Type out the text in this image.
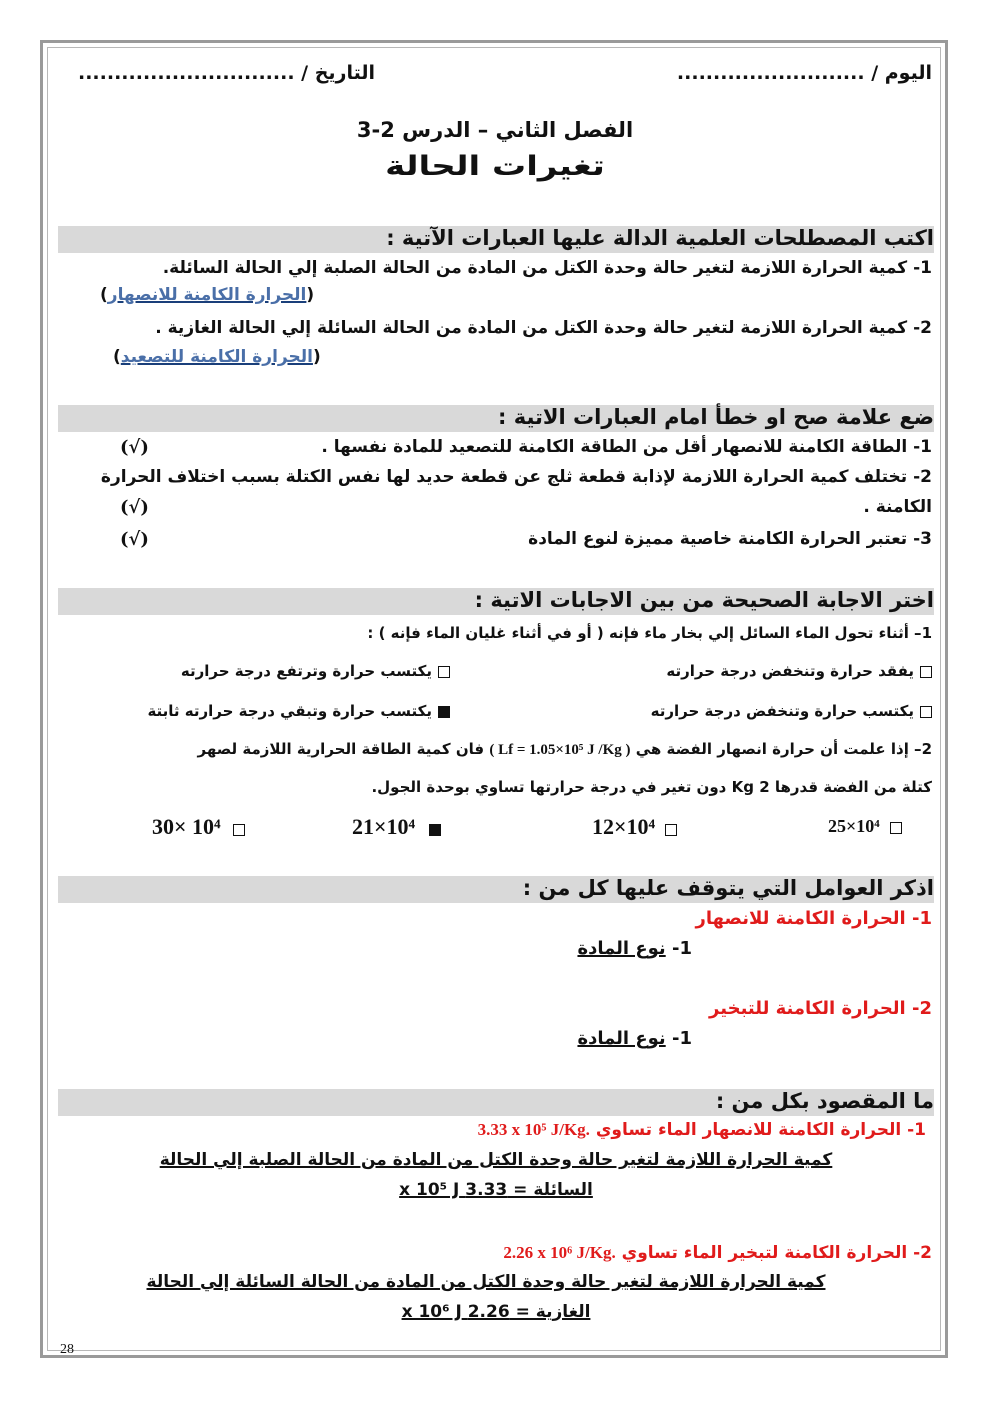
اليوم / ..........................
التاريخ / ..............................
الفصل الثاني – الدرس 2-3
تغيرات الحالة
اكتب المصطلحات العلمية الدالة عليها العبارات الآتية :
1- كمية الحرارة اللازمة لتغير حالة وحدة الكتل من المادة من الحالة الصلبة إلي الحالة السائلة.
(الحرارة الكامنة للانصهار)
2- كمية الحرارة اللازمة لتغير حالة وحدة الكتل من المادة من الحالة السائلة إلي الحالة الغازية .
(الحرارة الكامنة للتصعيد)
ضع علامة صح او خطأ امام العبارات الاتية :
1- الطاقة الكامنة للانصهار أقل من الطاقة الكامنة للتصعيد للمادة نفسها .
(√)
2- تختلف كمية الحرارة اللازمة لإذابة قطعة ثلج عن قطعة حديد لها نفس الكتلة بسبب اختلاف الحرارة
الكامنة .
(√)
3- تعتبر الحرارة الكامنة خاصية مميزة لنوع المادة
(√)
اختر الاجابة الصحيحة من بين الاجابات الاتية :
1– أثناء تحول الماء السائل إلي بخار ماء فإنه ( أو في أثناء غليان الماء فإنه ) :
يفقد حرارة وتنخفض درجة حرارته
يكتسب حرارة وترتفع درجة حرارته
يكتسب حرارة وتنخفض درجة حرارته
يكتسب حرارة وتبقي درجة حرارته ثابتة
2– إذا علمت أن حرارة انصهار الفضة هي ( Lf = 1.05×10⁵ J /Kg ) فان كمية الطاقة الحرارية اللازمة لصهر
كتلة من الفضة قدرها 2 Kg دون تغير في درجة حرارتها تساوي بوحدة الجول.
25×10⁴
12×10⁴
21×10⁴
30× 10⁴
اذكر العوامل التي يتوقف عليها كل من :
1- الحرارة الكامنة للانصهار
1- نوع المادة
2- الحرارة الكامنة للتبخير
1- نوع المادة
ما المقصود بكل من :
1- الحرارة الكامنة للانصهار الماء تساوي 3.33 x 10⁵ J/Kg.
كمية الحرارة اللازمة لتغير حالة وحدة الكتل من المادة من الحالة الصلبة إلي الحالة
السائلة = 3.33 x 10⁵ J
2- الحرارة الكامنة لتبخير الماء تساوي 2.26 x 10⁶ J/Kg.
كمية الحرارة اللازمة لتغير حالة وحدة الكتل من المادة من الحالة السائلة إلي الحالة
الغازية = 2.26 x 10⁶ J
28
